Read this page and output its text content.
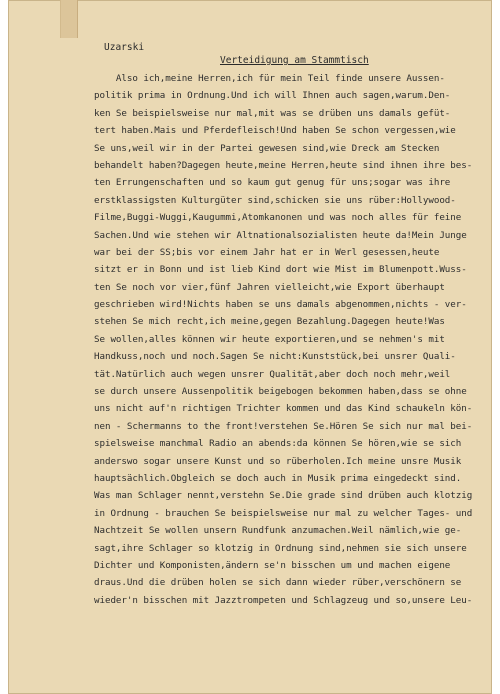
Uzarski
Verteidigung am Stammtisch
Also ich,meine Herren,ich für mein Teil finde unsere Aussen-
politik prima in Ordnung.Und ich will Ihnen auch sagen,warum.Den-
ken Se beispielsweise nur mal,mit was se drüben uns damals gefüt-
tert haben.Mais und Pferdefleisch!Und haben Se schon vergessen,wie
Se uns,weil wir in der Partei gewesen sind,wie Dreck am Stecken
behandelt haben?Dagegen heute,meine Herren,heute sind ihnen ihre bes-
ten Errungenschaften und so kaum gut genug für uns;sogar was ihre
erstklassigsten Kulturgüter sind,schicken sie uns rüber:Hollywood-
Filme,Buggi-Wuggi,Kaugummi,Atomkanonen und was noch alles für feine
Sachen.Und wie stehen wir Altnationalsozialisten heute da!Mein Junge
war bei der SS;bis vor einem Jahr hat er in Werl gesessen,heute
sitzt er in Bonn und ist lieb Kind dort wie Mist im Blumenpott.Wuss-
ten Se noch vor vier,fünf Jahren vielleicht,wie Export überhaupt
geschrieben wird!Nichts haben se uns damals abgenommen,nichts - ver-
stehen Se mich recht,ich meine,gegen Bezahlung.Dagegen heute!Was
Se wollen,alles können wir heute exportieren,und se nehmen's mit
Handkuss,noch und noch.Sagen Se nicht:Kunststück,bei unsrer Quali-
tät.Natürlich auch wegen unsrer Qualität,aber doch noch mehr,weil
se durch unsere Aussenpolitik beigebogen bekommen haben,dass se ohne
uns nicht auf'n richtigen Trichter kommen und das Kind schaukeln kön-
nen - Schermanns to the front!verstehen Se.Hören Se sich nur mal bei-
spielsweise manchmal Radio an abends:da können Se hören,wie se sich
anderswo sogar unsere Kunst und so rüberholen.Ich meine unsre Musik
hauptsächlich.Obgleich se doch auch in Musik prima eingedeckt sind.
Was man Schlager nennt,verstehn Se.Die grade sind drüben auch klotzig
in Ordnung - brauchen Se beispielsweise nur mal zu welcher Tages- und
Nachtzeit Se wollen unsern Rundfunk anzumachen.Weil nämlich,wie ge-
sagt,ihre Schlager so klotzig in Ordnung sind,nehmen sie sich unsere
Dichter und Komponisten,ändern se'n bisschen um und machen eigene
draus.Und die drüben holen se sich dann wieder rüber,verschönern se
wieder'n bisschen mit Jazztrompeten und Schlagzeug und so,unsere Leu-
